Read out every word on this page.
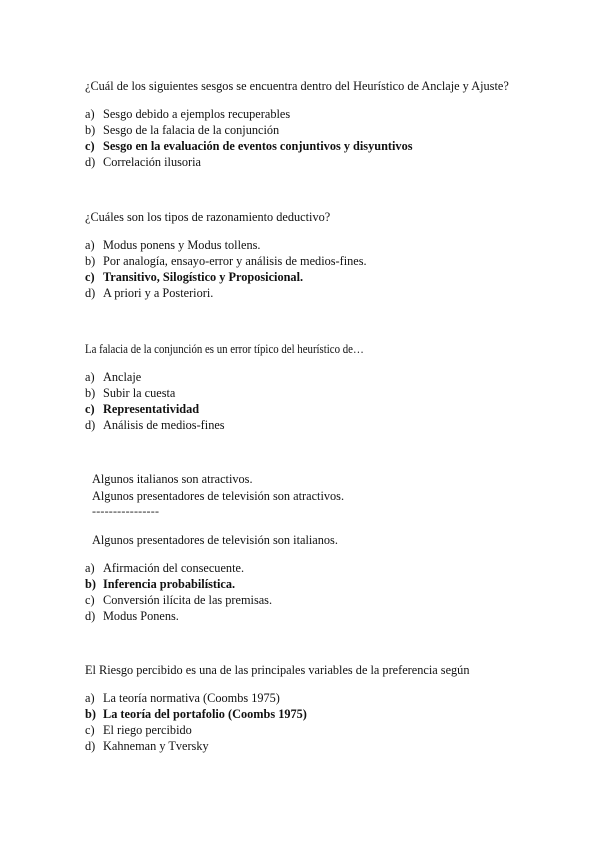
¿Cuál de los siguientes sesgos se encuentra dentro del Heurístico de Anclaje y Ajuste?
a) Sesgo debido a ejemplos recuperables
b) Sesgo de la falacia de la conjunción
c) Sesgo en la evaluación de eventos conjuntivos y disyuntivos
d) Correlación ilusoria
¿Cuáles son los tipos de razonamiento deductivo?
a) Modus ponens y Modus tollens.
b) Por analogía, ensayo-error y análisis de medios-fines.
c) Transitivo, Silogístico y Proposicional.
d) A priori y a Posteriori.
La falacia de la conjunción es un error típico del heurístico de…
a) Anclaje
b) Subir la cuesta
c) Representatividad
d) Análisis de medios-fines
Algunos italianos son atractivos.
Algunos presentadores de televisión son atractivos.
----------------
Algunos presentadores de televisión son italianos.
a) Afirmación del consecuente.
b) Inferencia probabilística.
c) Conversión ilícita de las premisas.
d) Modus Ponens.
El Riesgo percibido es una de las principales variables de la preferencia según
a) La teoría normativa (Coombs 1975)
b) La teoría del portafolio (Coombs 1975)
c) El riego percibido
d) Kahneman y Tversky
